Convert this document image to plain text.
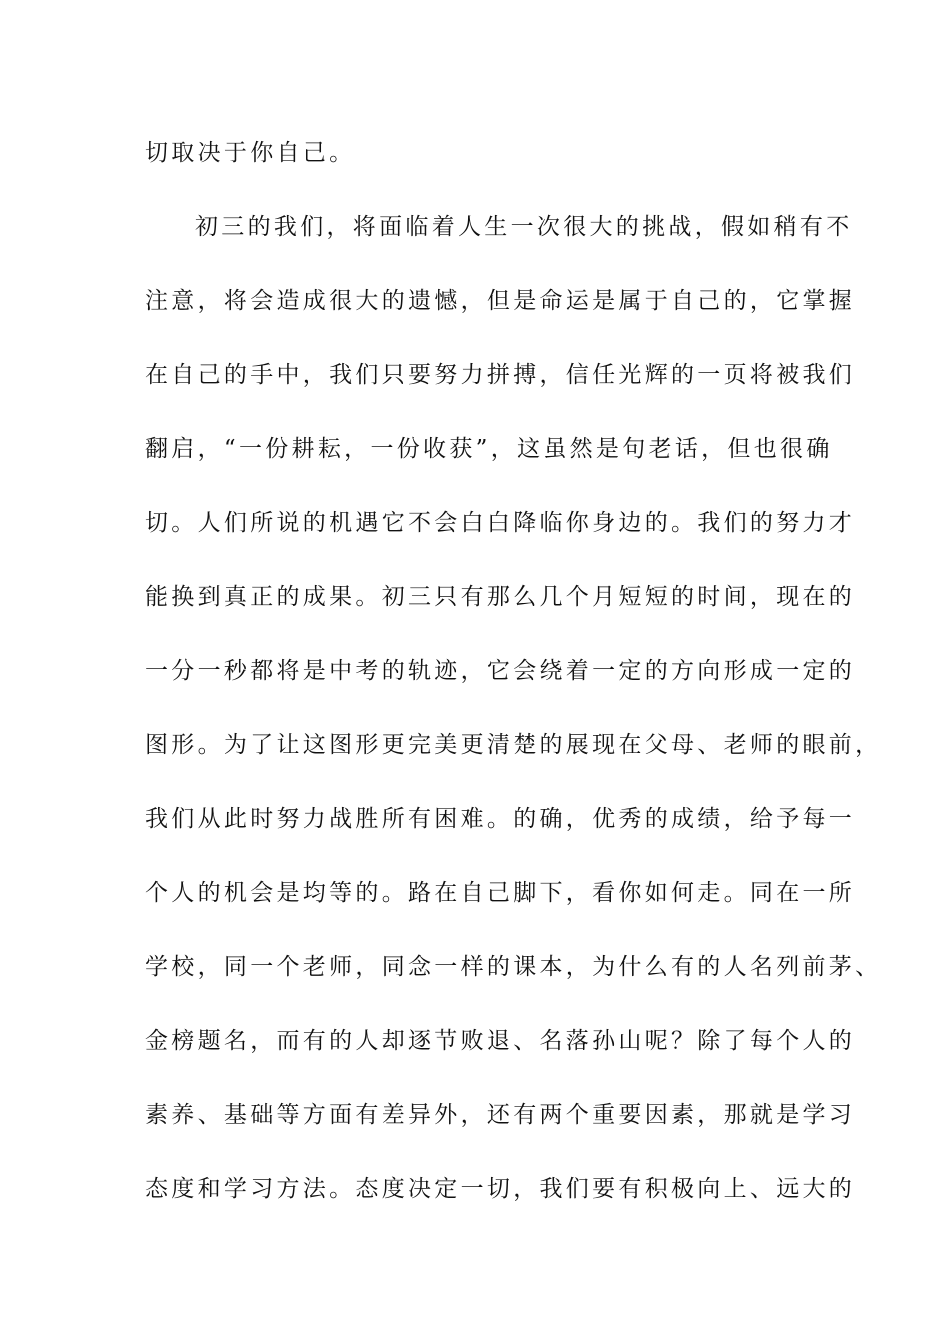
切取决于你自己。
初三的我们，将面临着人生一次很大的挑战，假如稍有不
注意，将会造成很大的遗憾，但是命运是属于自己的，它掌握
在自己的手中，我们只要努力拼搏，信任光辉的一页将被我们
翻启，“一份耕耘，一份收获”，这虽然是句老话，但也很确
切。人们所说的机遇它不会白白降临你身边的。我们的努力才
能换到真正的成果。初三只有那么几个月短短的时间，现在的
一分一秒都将是中考的轨迹，它会绕着一定的方向形成一定的
图形。为了让这图形更完美更清楚的展现在父母、老师的眼前，
我们从此时努力战胜所有困难。的确，优秀的成绩，给予每一
个人的机会是均等的。路在自己脚下，看你如何走。同在一所
学校，同一个老师，同念一样的课本，为什么有的人名列前茅、
金榜题名，而有的人却逐节败退、名落孙山呢？除了每个人的
素养、基础等方面有差异外，还有两个重要因素，那就是学习
态度和学习方法。态度决定一切，我们要有积极向上、远大的
